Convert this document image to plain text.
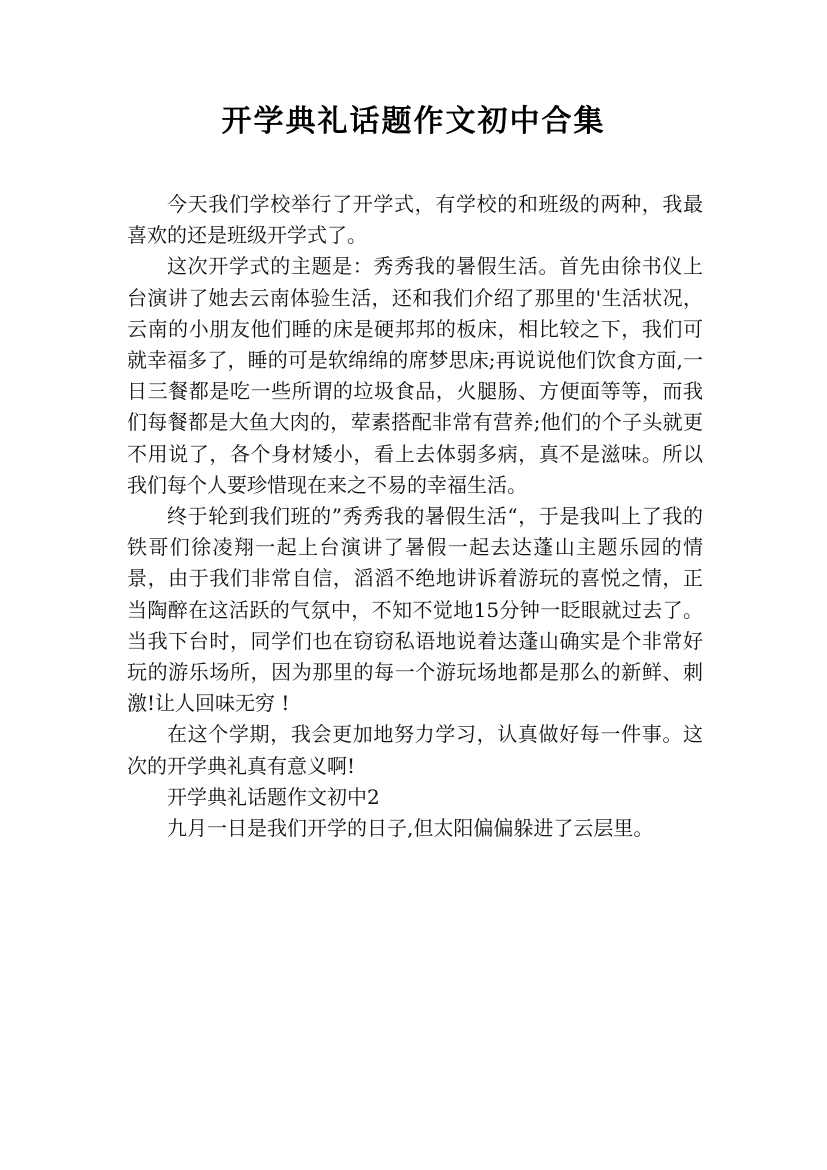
开学典礼话题作文初中合集

今天我们学校举行了开学式，有学校的和班级的两种，我最喜欢的还是班级开学式了。

这次开学式的主题是：秀秀我的暑假生活。首先由徐书仪上台演讲了她去云南体验生活，还和我们介绍了那里的'生活状况，云南的小朋友他们睡的床是硬邦邦的板床，相比较之下，我们可就幸福多了，睡的可是软绵绵的席梦思床;再说说他们饮食方面,一日三餐都是吃一些所谓的垃圾食品，火腿肠、方便面等等，而我们每餐都是大鱼大肉的，荤素搭配非常有营养;他们的个子头就更不用说了，各个身材矮小，看上去体弱多病，真不是滋味。所以我们每个人要珍惜现在来之不易的幸福生活。

终于轮到我们班的”秀秀我的暑假生活“，于是我叫上了我的铁哥们徐凌翔一起上台演讲了暑假一起去达蓬山主题乐园的情景，由于我们非常自信，滔滔不绝地讲诉着游玩的喜悦之情，正当陶醉在这活跃的气氛中，不知不觉地15分钟一眨眼就过去了。当我下台时，同学们也在窃窃私语地说着达蓬山确实是个非常好玩的游乐场所，因为那里的每一个游玩场地都是那么的新鲜、刺激!让人回味无穷 !

在这个学期，我会更加地努力学习，认真做好每一件事。这次的开学典礼真有意义啊!

开学典礼话题作文初中2

九月一日是我们开学的日子,但太阳偏偏躲进了云层里。
